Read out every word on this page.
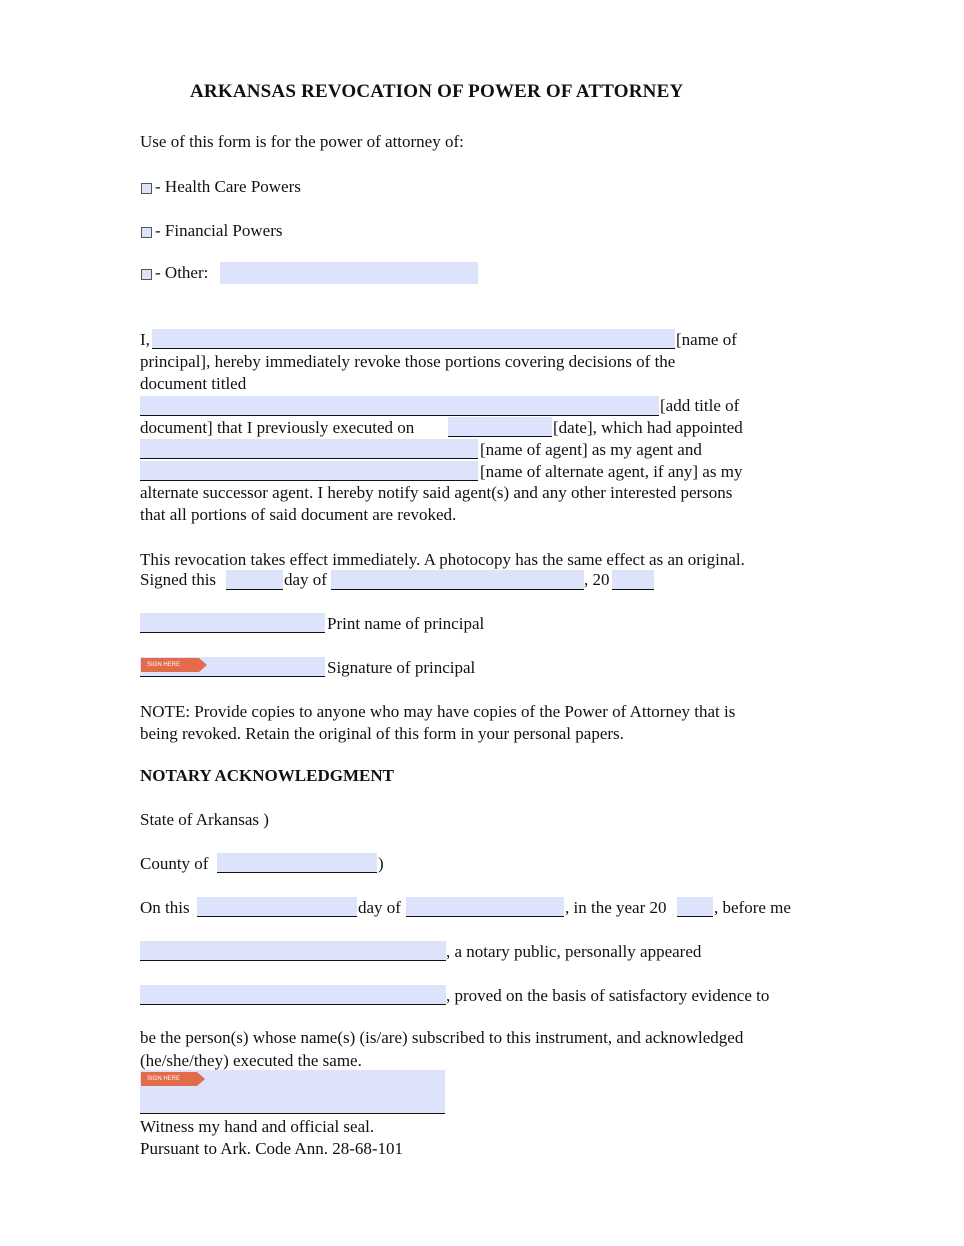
ARKANSAS REVOCATION OF POWER OF ATTORNEY
Use of this form is for the power of attorney of:
- Health Care Powers
- Financial Powers
- Other:
I,	[name of
principal], hereby immediately revoke those portions covering decisions of the
document titled
[add title of
document] that I previously executed on	[date], which had appointed
[name of agent] as my agent and
[name of alternate agent, if any] as my
alternate successor agent. I hereby notify said agent(s) and any other interested persons
that all portions of said document are revoked.
This revocation takes effect immediately. A photocopy has the same effect as an original.
Signed this	day of	, 20
Print name of principal
SIGN HERE	Signature of principal
NOTE: Provide copies to anyone who may have copies of the Power of Attorney that is
being revoked. Retain the original of this form in your personal papers.
NOTARY ACKNOWLEDGMENT
State of Arkansas )
County of	)
On this	day of	, in the year 20	, before me
, a notary public, personally appeared
, proved on the basis of satisfactory evidence to
be the person(s) whose name(s) (is/are) subscribed to this instrument, and acknowledged
(he/she/they) executed the same.
SIGN HERE
Witness my hand and official seal.
Pursuant to Ark. Code Ann. 28-68-101
